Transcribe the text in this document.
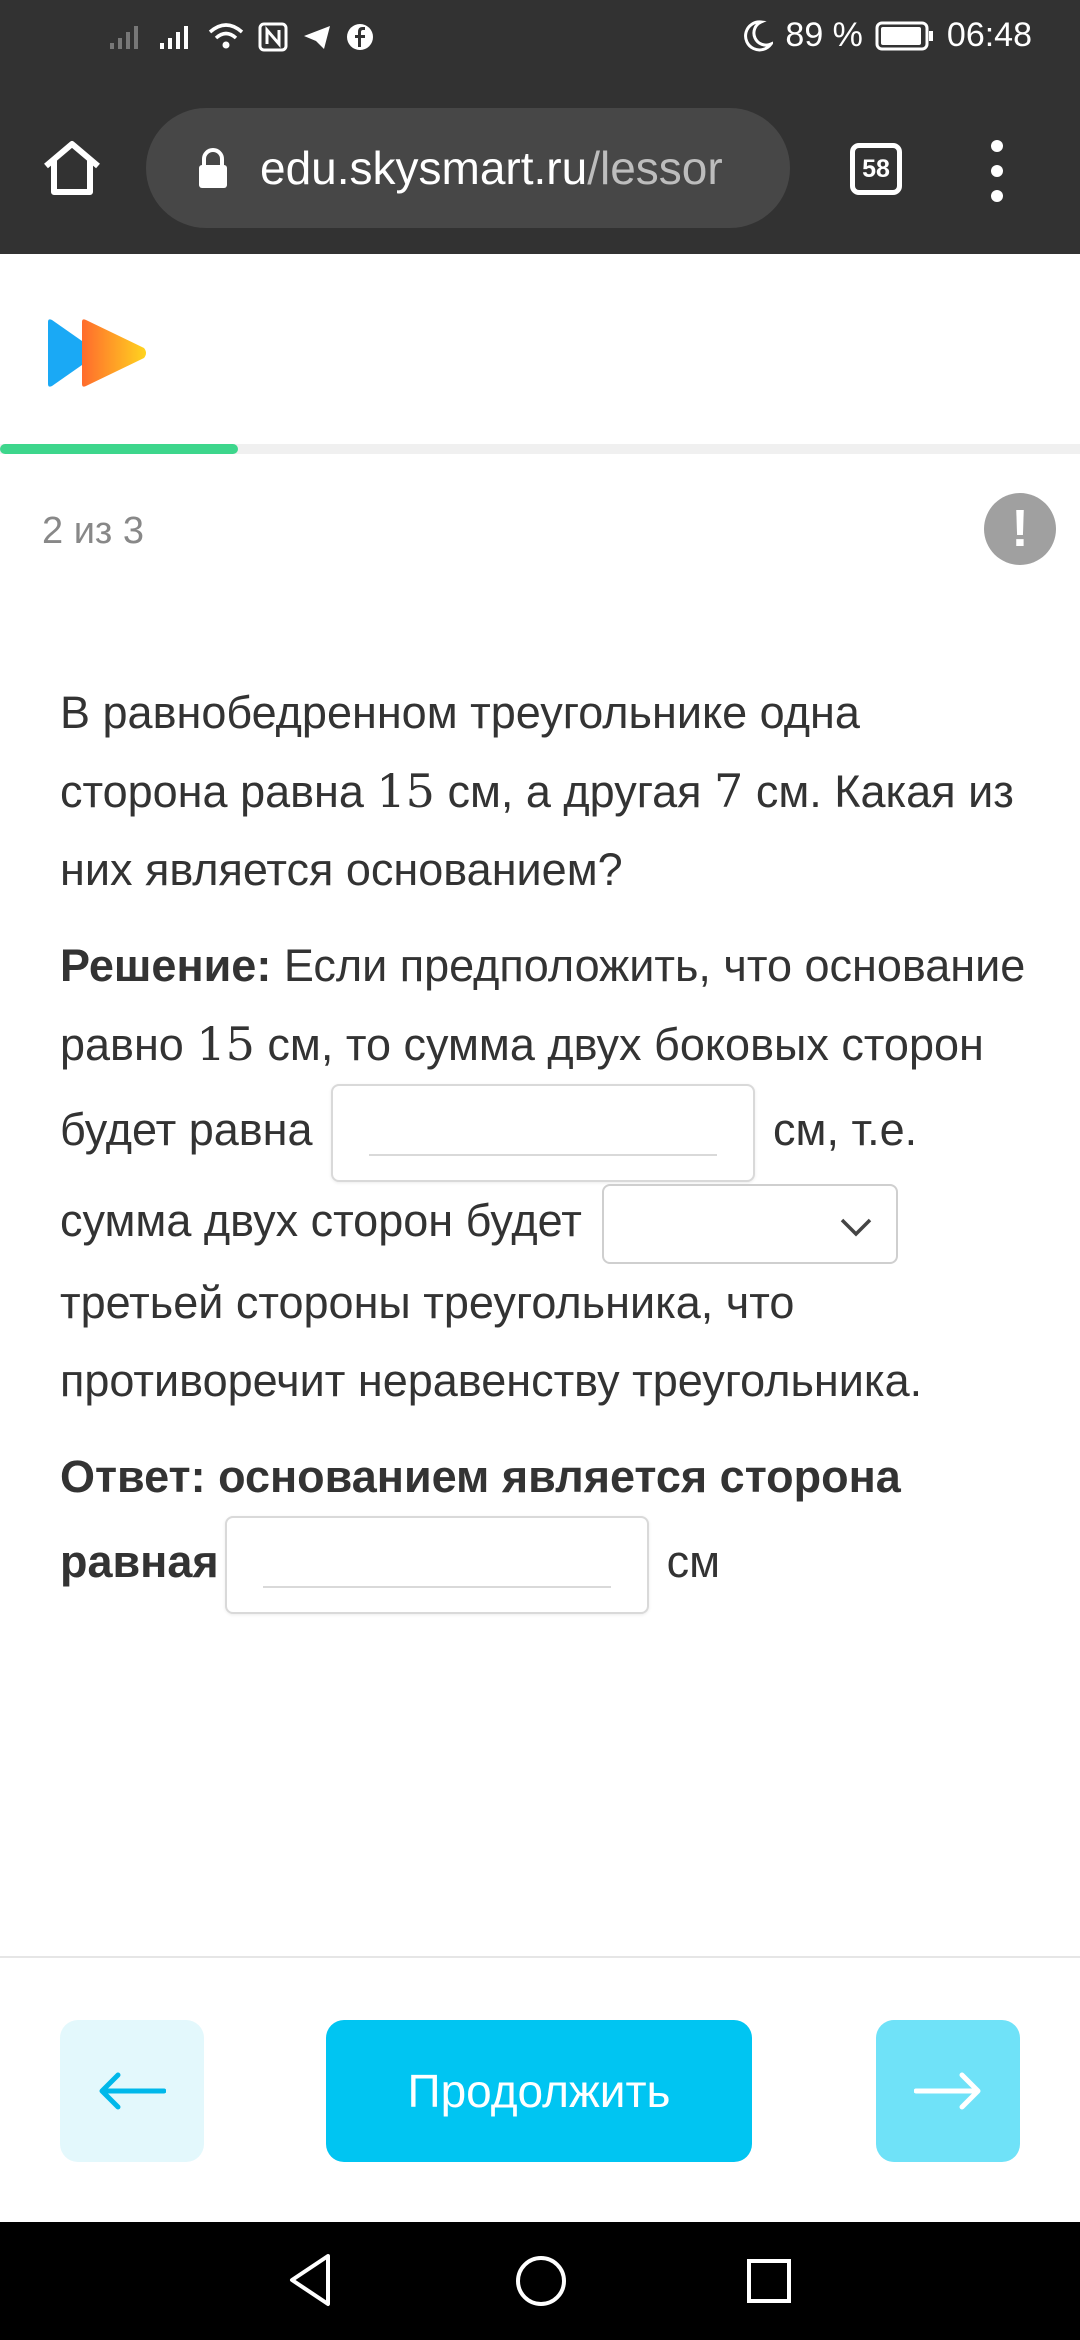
89 % 06:48
edu.skysmart.ru/lessor	58
2 из 3	!

В равнобедренном треугольнике одна сторона равна 15 см, а другая 7 см. Какая из них является основанием?

Решение: Если предположить, что основание равно 15 см, то сумма двух боковых сторон будет равна	см, т.е. сумма двух сторон будет
третьей стороны треугольника, что противоречит неравенству треугольника.

Ответ: основанием является сторона равная	см

Продолжить
